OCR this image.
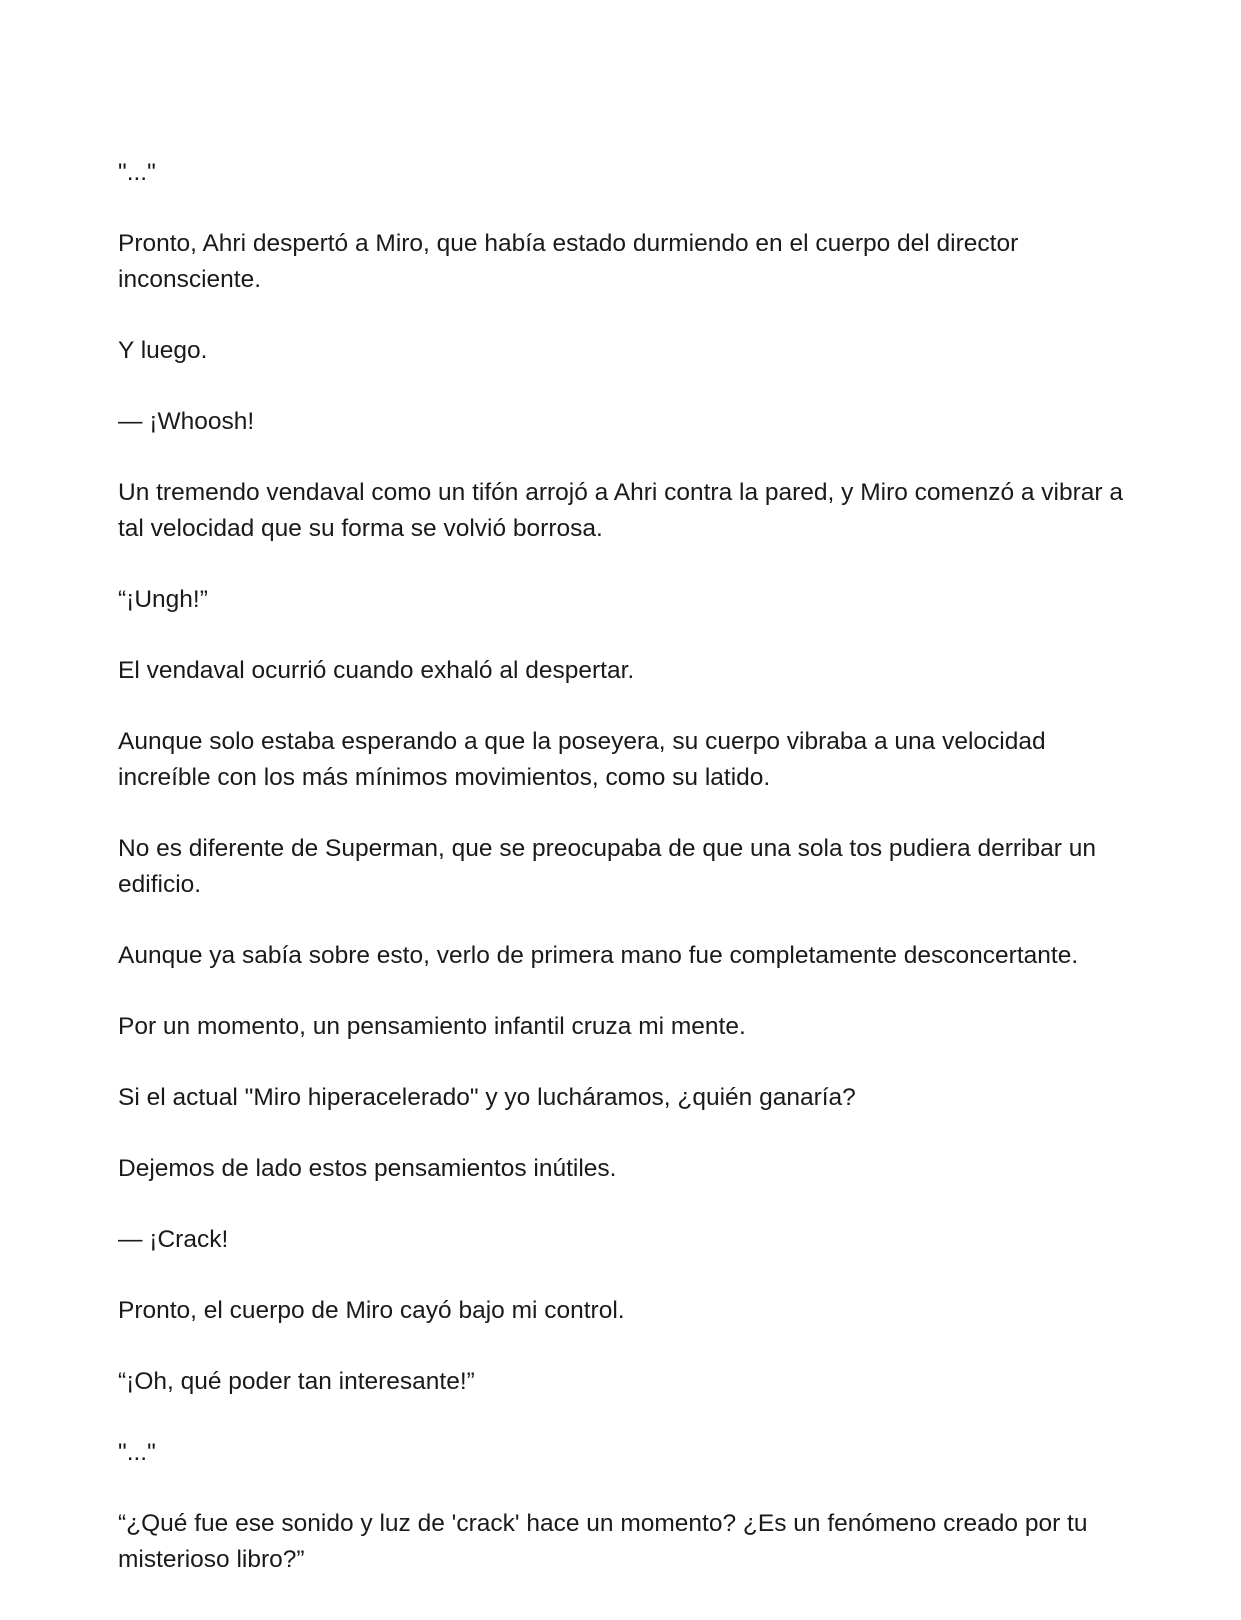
"..."

Pronto, Ahri despertó a Miro, que había estado durmiendo en el cuerpo del director inconsciente.

Y luego.

— ¡Whoosh!

Un tremendo vendaval como un tifón arrojó a Ahri contra la pared, y Miro comenzó a vibrar a tal velocidad que su forma se volvió borrosa.

“¡Ungh!”

El vendaval ocurrió cuando exhaló al despertar.

Aunque solo estaba esperando a que la poseyera, su cuerpo vibraba a una velocidad increíble con los más mínimos movimientos, como su latido.

No es diferente de Superman, que se preocupaba de que una sola tos pudiera derribar un edificio.

Aunque ya sabía sobre esto, verlo de primera mano fue completamente desconcertante.

Por un momento, un pensamiento infantil cruza mi mente.

Si el actual "Miro hiperacelerado" y yo lucháramos, ¿quién ganaría?

Dejemos de lado estos pensamientos inútiles.

— ¡Crack!

Pronto, el cuerpo de Miro cayó bajo mi control.

“¡Oh, qué poder tan interesante!”

"..."

“¿Qué fue ese sonido y luz de 'crack' hace un momento? ¿Es un fenómeno creado por tu misterioso libro?”
